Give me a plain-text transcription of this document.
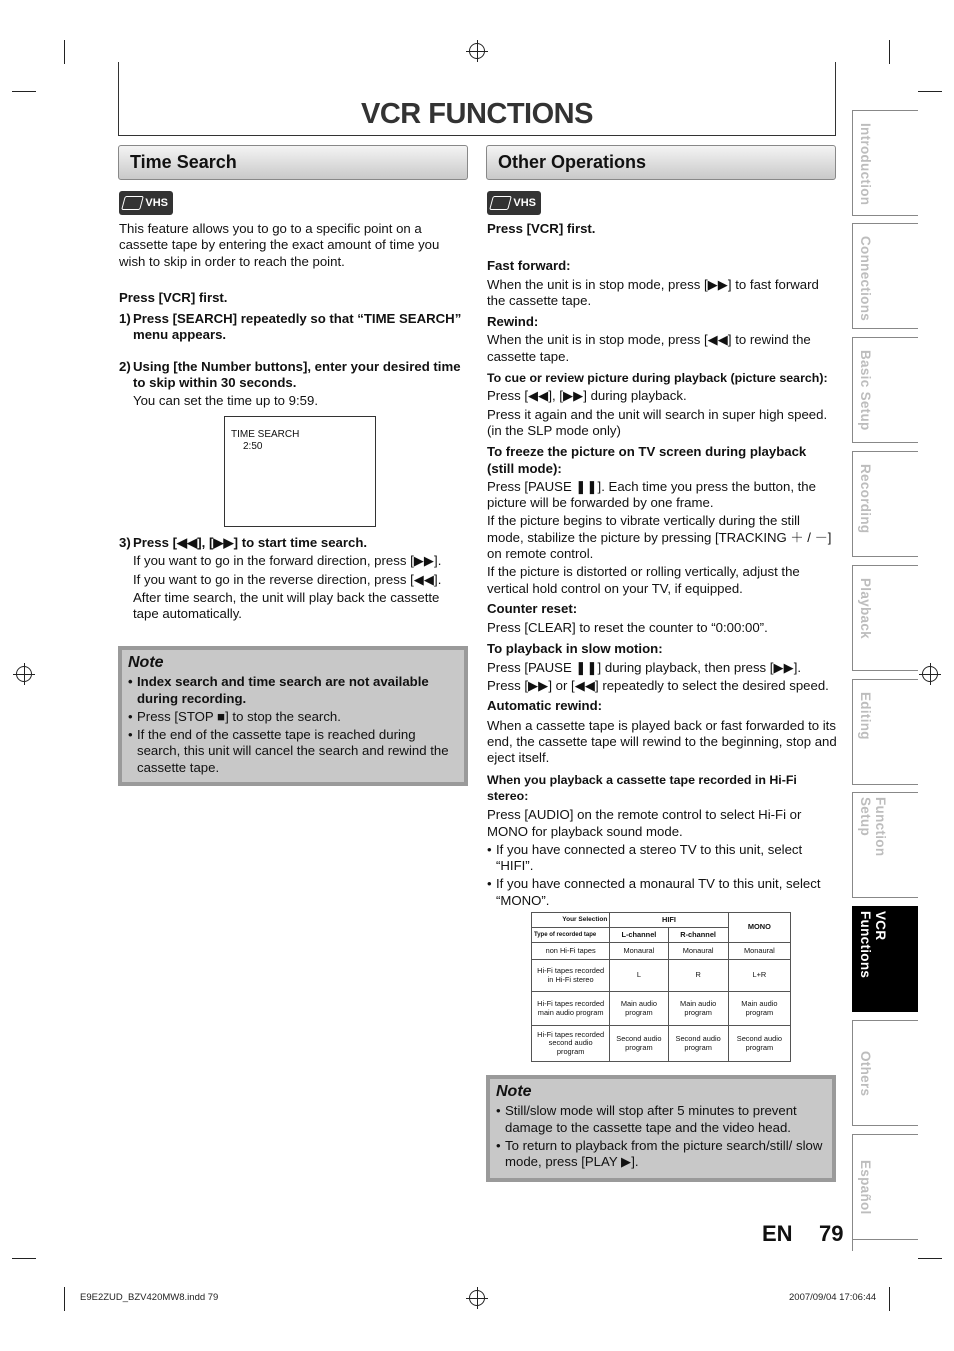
VCR FUNCTIONS
Time Search
VHS

This feature allows you to go to a specific point on a cassette tape by entering the exact amount of time you wish to skip in order to reach the point.

Press [VCR] first.

1) Press [SEARCH] repeatedly so that “TIME SEARCH” menu appears.
2) Using [the Number buttons], enter your desired time to skip within 30 seconds.

You can set the time up to 9:59.

TIME SEARCH
2:50
3) Press [◀◀], [▶▶] to start time search.

If you want to go in the forward direction, press [▶▶].

If you want to go in the reverse direction, press [◀◀].

After time search, the unit will play back the cassette tape automatically.

Note
• Index search and time search are not available during recording.
• Press [STOP ■] to stop the search.
• If the end of the cassette tape is reached during search, this unit will cancel the search and rewind the cassette tape.
Other Operations
VHS

Press [VCR] first.

Fast forward:

When the unit is in stop mode, press [▶▶] to fast forward the cassette tape.

Rewind:

When the unit is in stop mode, press [◀◀] to rewind the cassette tape.

To cue or review picture during playback (picture search):

Press [◀◀], [▶▶] during playback.

Press it again and the unit will search in super high speed. (in the SLP mode only)

To freeze the picture on TV screen during playback (still mode):

Press [PAUSE ❚❚]. Each time you press the button, the picture will be forwarded by one frame.

If the picture begins to vibrate vertically during the still mode, stabilize the picture by pressing [TRACKING ＋ / －] on remote control.

If the picture is distorted or rolling vertically, adjust the vertical hold control on your TV, if equipped.

Counter reset:

Press [CLEAR] to reset the counter to “0:00:00”.

To playback in slow motion:

Press [PAUSE ❚❚] during playback, then press [▶▶].

Press [▶▶] or [◀◀] repeatedly to select the desired speed.

Automatic rewind:

When a cassette tape is played back or fast forwarded to its end, the cassette tape will rewind to the beginning, stop and eject itself.

When you playback a cassette tape recorded in Hi-Fi stereo:

Press [AUDIO] on the remote control to select Hi-Fi or MONO for playback sound mode.

• If you have connected a stereo TV to this unit, select “HIFI”.
• If you have connected a monaural TV to this unit, select “MONO”.
Your Selection	HIFI		MONO
Type of recorded tape	L-channel	R-channel	
non Hi-Fi tapes	Monaural	Monaural	Monaural
Hi-Fi tapes recorded in Hi-Fi stereo	L	R	L+R
Hi-Fi tapes recorded main audio program	Main audio program	Main audio program	Main audio program
Hi-Fi tapes recorded second audio program	Second audio program	Second audio program	Second audio program
Note
• Still/slow mode will stop after 5 minutes to prevent damage to the cassette tape and the video head.
• To return to playback from the picture search/still/ slow mode, press [PLAY ▶].
Introduction
Connections
Basic Setup
Recording
Playback
Editing
Function Setup
VCR Functions
Others
Español
EN 79
E9E2ZUD_BZV420MW8.indd 79	2007/09/04 17:06:44
